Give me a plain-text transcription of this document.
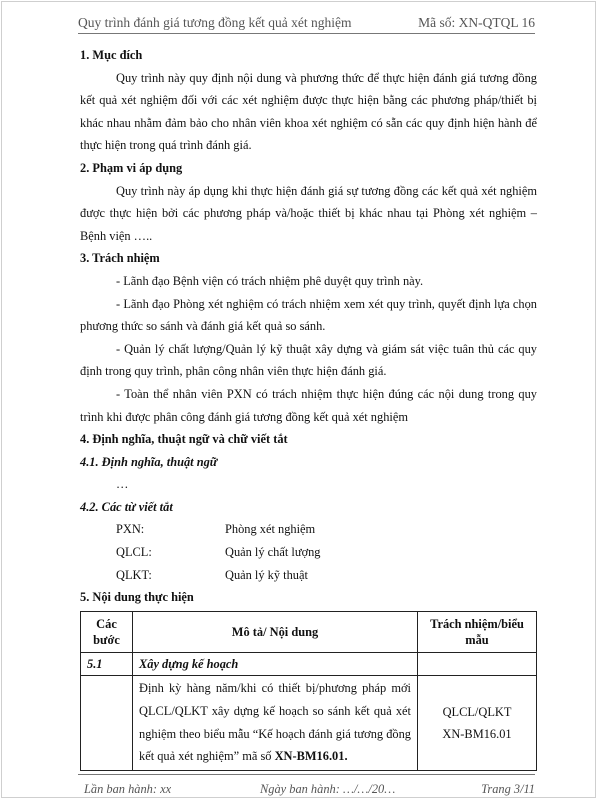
Quy trình đánh giá tương đồng kết quả xét nghiệm	Mã số: XN-QTQL 16
1. Mục đích
Quy trình này quy định nội dung và phương thức để thực hiện đánh giá tương đồng kết quả xét nghiệm đối với các xét nghiệm được thực hiện bằng các phương pháp/thiết bị khác nhau nhằm đảm bảo cho nhân viên khoa xét nghiệm có sẵn các quy định hiện hành để thực hiện trong quá trình đánh giá.
2. Phạm vi áp dụng
Quy trình này áp dụng khi thực hiện đánh giá sự tương đồng các kết quả xét nghiệm được thực hiện bởi các phương pháp và/hoặc thiết bị khác nhau tại Phòng xét nghiệm – Bệnh viện …..
3. Trách nhiệm
- Lãnh đạo Bệnh viện có trách nhiệm phê duyệt quy trình này.
- Lãnh đạo Phòng xét nghiệm có trách nhiệm xem xét quy trình, quyết định lựa chọn phương thức so sánh và đánh giá kết quả so sánh.
- Quản lý chất lượng/Quản lý kỹ thuật xây dựng và giám sát việc tuân thủ các quy định trong quy trình, phân công nhân viên thực hiện đánh giá.
- Toàn thể nhân viên PXN có trách nhiệm thực hiện đúng các nội dung trong quy trình khi được phân công đánh giá tương đồng kết quả xét nghiệm
4. Định nghĩa, thuật ngữ và chữ viết tắt
4.1. Định nghĩa, thuật ngữ
…
4.2. Các từ viết tắt
PXN:	Phòng xét nghiệm
QLCL:	Quản lý chất lượng
QLKT:	Quản lý kỹ thuật
5. Nội dung thực hiện
Các bước	Mô tả/ Nội dung	Trách nhiệm/biểu mẫu
5.1	Xây dựng kế hoạch	
	Định kỳ hàng năm/khi có thiết bị/phương pháp mới QLCL/QLKT xây dựng kế hoạch so sánh kết quả xét nghiệm theo biểu mẫu “Kế hoạch đánh giá tương đồng kết quả xét nghiệm” mã số XN-BM16.01.	QLCL/QLKT
XN-BM16.01
Lần ban hành: xx	Ngày ban hành: …/…/20…	Trang 3/11
